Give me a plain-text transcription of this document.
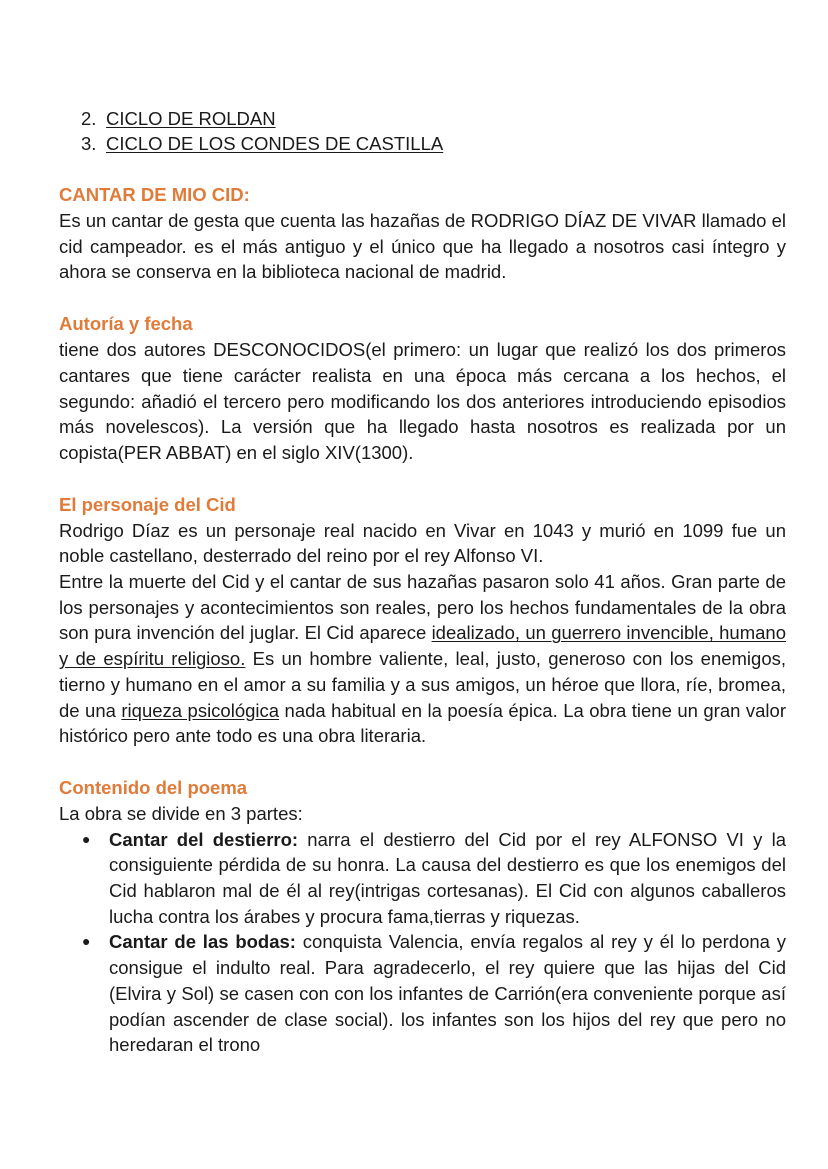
2. CICLO DE ROLDAN
3. CICLO DE LOS CONDES DE CASTILLA
CANTAR DE MIO CID:

Es un cantar de gesta que cuenta las hazañas de RODRIGO DÍAZ DE VIVAR llamado el cid campeador. es el más antiguo y el único que ha llegado a nosotros casi íntegro y ahora se conserva en la biblioteca nacional de madrid.

Autoría y fecha

tiene dos autores DESCONOCIDOS(el primero: un lugar que realizó los dos primeros cantares que tiene carácter realista en una época más cercana a los hechos, el segundo: añadió el tercero pero modificando los dos anteriores introduciendo episodios más novelescos). La versión que ha llegado hasta nosotros es realizada por un copista(PER ABBAT) en el siglo XIV(1300).

El personaje del Cid

Rodrigo Díaz es un personaje real nacido en Vivar en 1043 y murió en 1099 fue un noble castellano, desterrado del reino por el rey Alfonso VI.

Entre la muerte del Cid y el cantar de sus hazañas pasaron solo 41 años. Gran parte de los personajes y acontecimientos son reales, pero los hechos fundamentales de la obra son pura invención del juglar. El Cid aparece idealizado, un guerrero invencible, humano y de espíritu religioso. Es un hombre valiente, leal, justo, generoso con los enemigos, tierno y humano en el amor a su familia y a sus amigos, un héroe que llora, ríe, bromea, de una riqueza psicológica nada habitual en la poesía épica. La obra tiene un gran valor histórico pero ante todo es una obra literaria.

Contenido del poema

La obra se divide en 3 partes:

●	Cantar del destierro: narra el destierro del Cid por el rey ALFONSO VI y la consiguiente pérdida de su honra. La causa del destierro es que los enemigos del Cid hablaron mal de él al rey(intrigas cortesanas). El Cid con algunos caballeros lucha contra los árabes y procura fama,tierras y riquezas.
●	Cantar de las bodas: conquista Valencia, envía regalos al rey y él lo perdona y consigue el indulto real. Para agradecerlo, el rey quiere que las hijas del Cid (Elvira y Sol) se casen con con los infantes de Carrión(era conveniente porque así podían ascender de clase social). los infantes son los hijos del rey que pero no heredaran el trono
